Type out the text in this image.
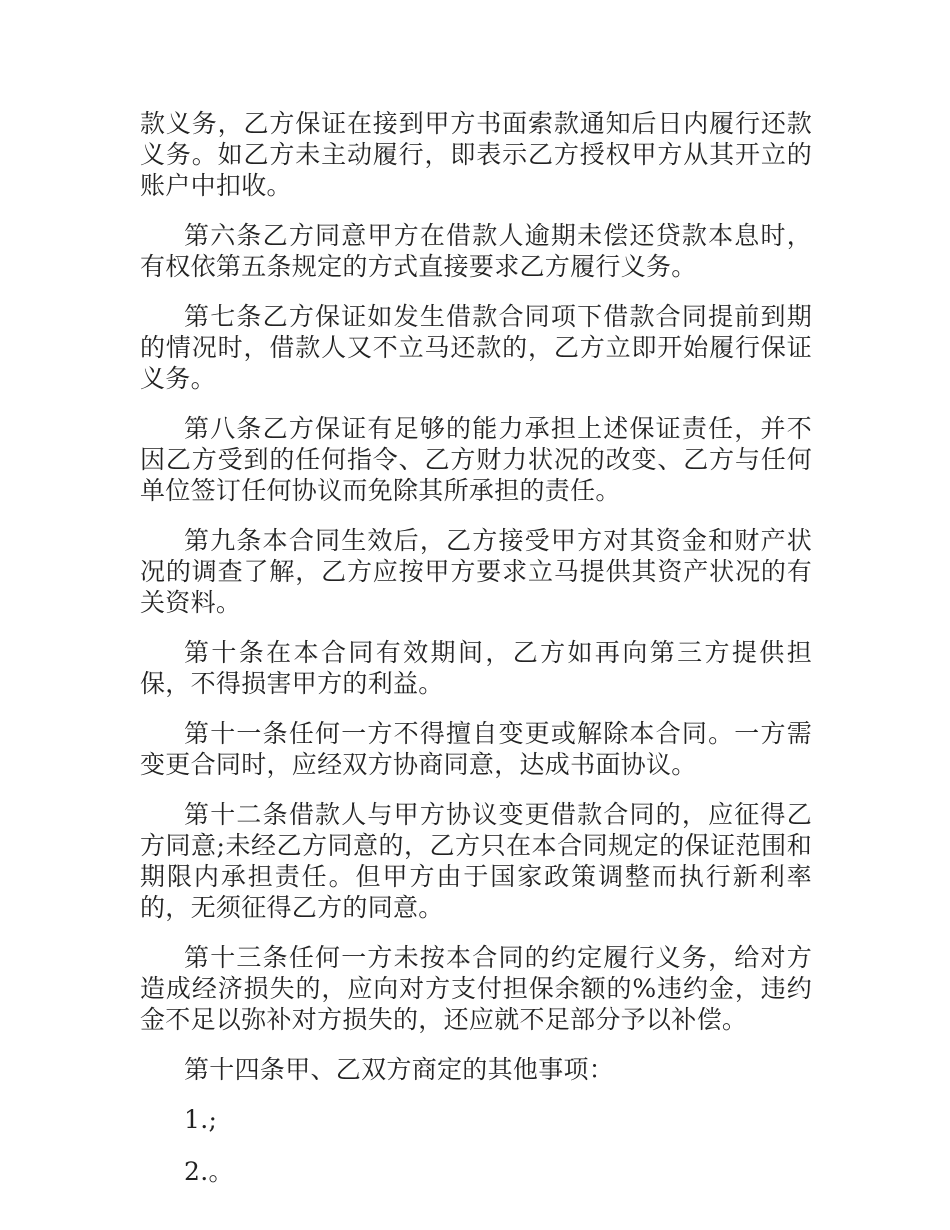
款义务，乙方保证在接到甲方书面索款通知后日内履行还款义务。如乙方未主动履行，即表示乙方授权甲方从其开立的账户中扣收。

第六条乙方同意甲方在借款人逾期未偿还贷款本息时，有权依第五条规定的方式直接要求乙方履行义务。

第七条乙方保证如发生借款合同项下借款合同提前到期的情况时，借款人又不立马还款的，乙方立即开始履行保证义务。

第八条乙方保证有足够的能力承担上述保证责任，并不因乙方受到的任何指令、乙方财力状况的改变、乙方与任何单位签订任何协议而免除其所承担的责任。

第九条本合同生效后，乙方接受甲方对其资金和财产状况的调查了解，乙方应按甲方要求立马提供其资产状况的有关资料。

第十条在本合同有效期间，乙方如再向第三方提供担保，不得损害甲方的利益。

第十一条任何一方不得擅自变更或解除本合同。一方需变更合同时，应经双方协商同意，达成书面协议。

第十二条借款人与甲方协议变更借款合同的，应征得乙方同意;未经乙方同意的，乙方只在本合同规定的保证范围和期限内承担责任。但甲方由于国家政策调整而执行新利率的，无须征得乙方的同意。

第十三条任何一方未按本合同的约定履行义务，给对方造成经济损失的，应向对方支付担保余额的%违约金，违约金不足以弥补对方损失的，还应就不足部分予以补偿。

第十四条甲、乙双方商定的其他事项：

1.;

2.。
